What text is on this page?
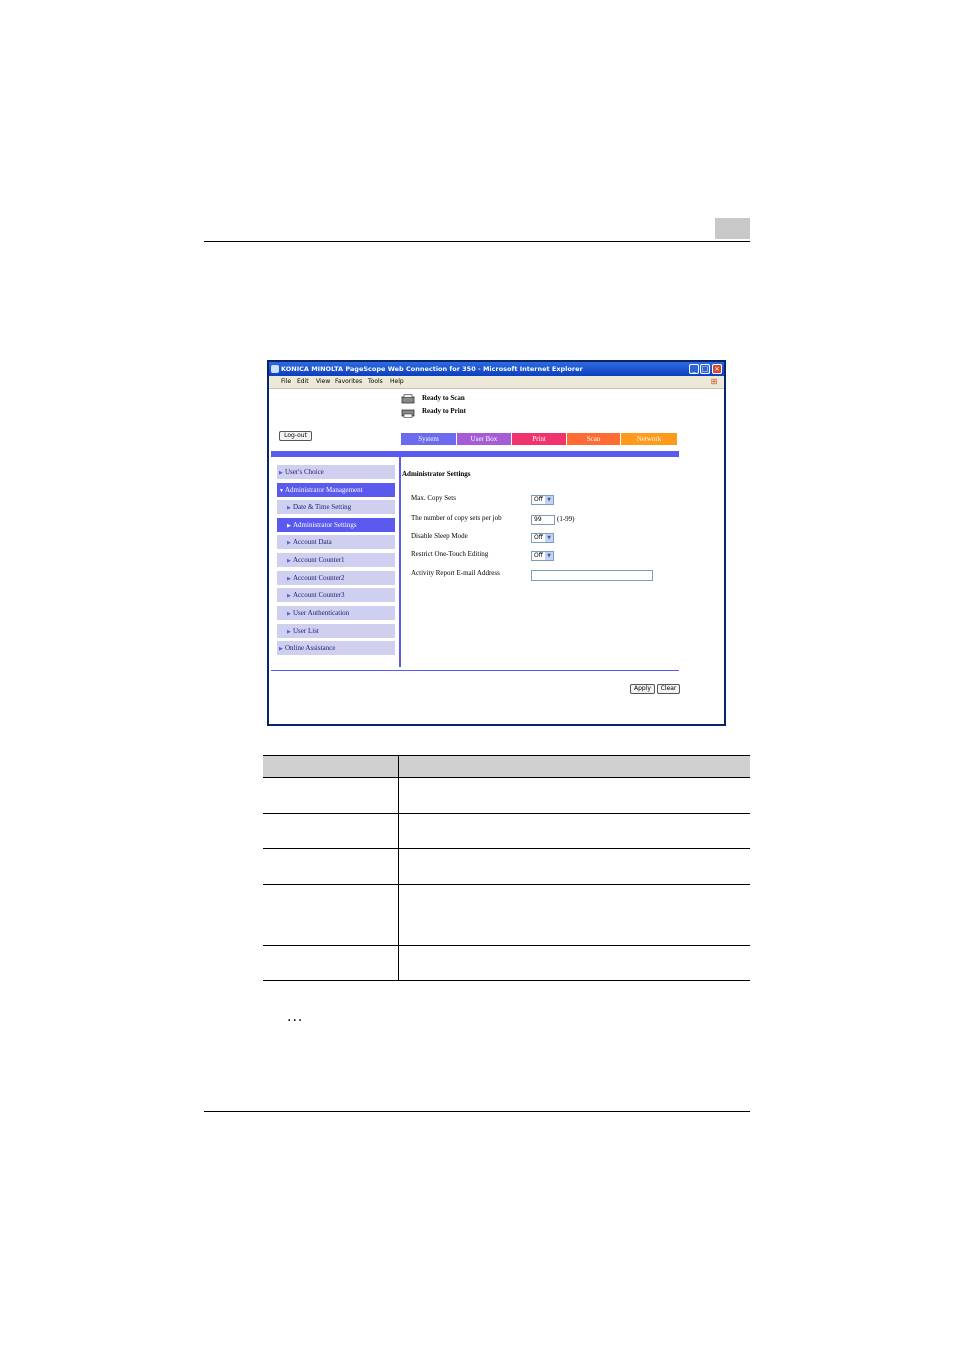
KONICA MINOLTA PageScope Web Connection for 350 - Microsoft Internet Explorer	_ □ ×
File Edit View Favorites Tools Help	⊞
Ready to Scan
Ready to Print
Log-out	System	User Box	Print	Scan	Network
▶ User's Choice
▼Administrator Management
▶ Date & Time Setting
▶ Administrator Settings
▶ Account Data
▶ Account Counter1
▶ Account Counter2
▶ Account Counter3
▶ User Authentication
▶ User List
▶ Online Assistance
Administrator Settings
Max. Copy Sets	Off ▼
The number of copy sets per job	99	(1-99)
Disable Sleep Mode	Off ▼
Restrict One-Touch Editing	Off ▼
Activity Report E-mail Address
Apply	Clear
...
